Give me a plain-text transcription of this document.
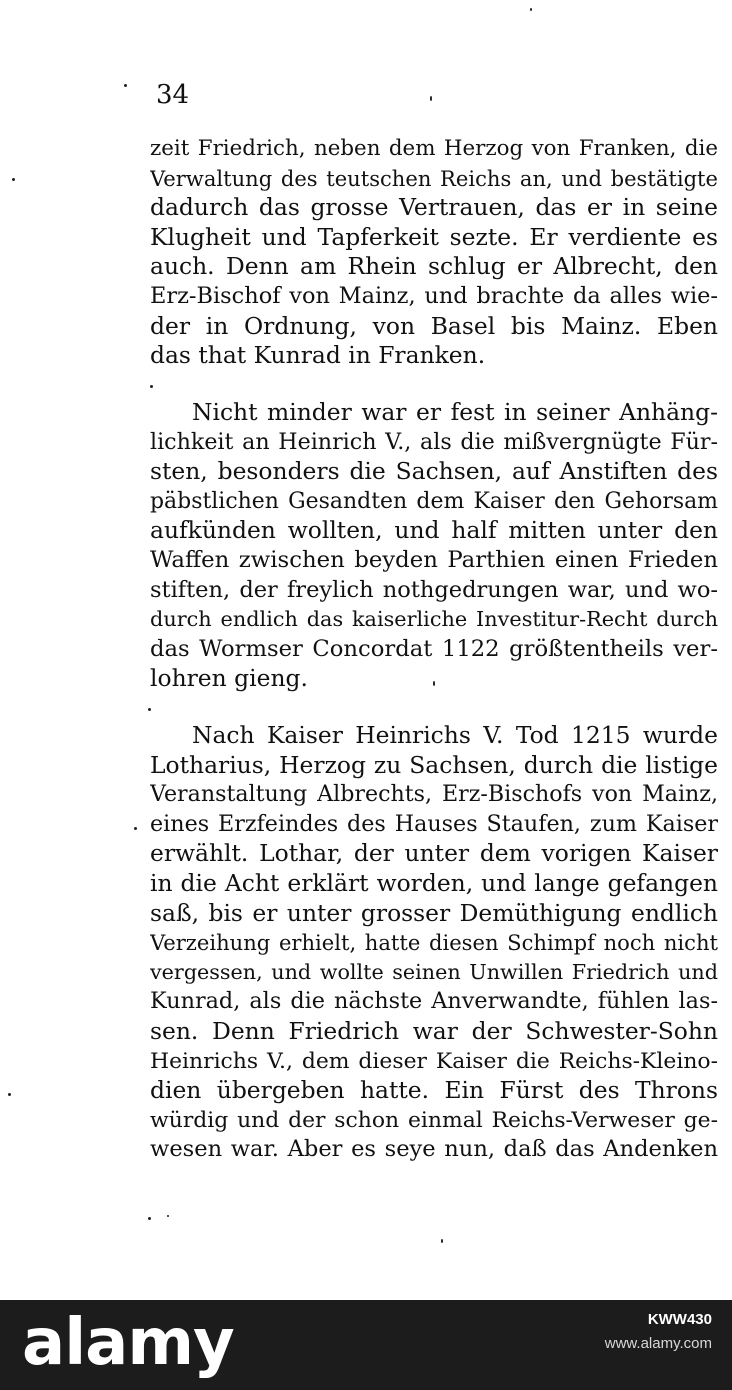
34
zeit Friedrich, neben dem Herzog von Franken, die
Verwaltung des teutschen Reichs an, und bestätigte
dadurch das grosse Vertrauen, das er in seine
Klugheit und Tapferkeit sezte. Er verdiente es
auch. Denn am Rhein schlug er Albrecht, den
Erz-Bischof von Mainz, und brachte da alles wie-
der in Ordnung, von Basel bis Mainz. Eben
das that Kunrad in Franken.
Nicht minder war er fest in seiner Anhäng-
lichkeit an Heinrich V., als die mißvergnügte Für-
sten, besonders die Sachsen, auf Anstiften des
päbstlichen Gesandten dem Kaiser den Gehorsam
aufkünden wollten, und half mitten unter den
Waffen zwischen beyden Parthien einen Frieden
stiften, der freylich nothgedrungen war, und wo-
durch endlich das kaiserliche Investitur-Recht durch
das Wormser Concordat 1122 größtentheils ver-
lohren gieng.
Nach Kaiser Heinrichs V. Tod 1215 wurde
Lotharius, Herzog zu Sachsen, durch die listige
Veranstaltung Albrechts, Erz-Bischofs von Mainz,
eines Erzfeindes des Hauses Staufen, zum Kaiser
erwählt. Lothar, der unter dem vorigen Kaiser
in die Acht erklärt worden, und lange gefangen
saß, bis er unter grosser Demüthigung endlich
Verzeihung erhielt, hatte diesen Schimpf noch nicht
vergessen, und wollte seinen Unwillen Friedrich und
Kunrad, als die nächste Anverwandte, fühlen las-
sen. Denn Friedrich war der Schwester-Sohn
Heinrichs V., dem dieser Kaiser die Reichs-Kleino-
dien übergeben hatte. Ein Fürst des Throns
würdig und der schon einmal Reichs-Verweser ge-
wesen war. Aber es seye nun, daß das Andenken
alamy	KWW430
www.alamy.com
